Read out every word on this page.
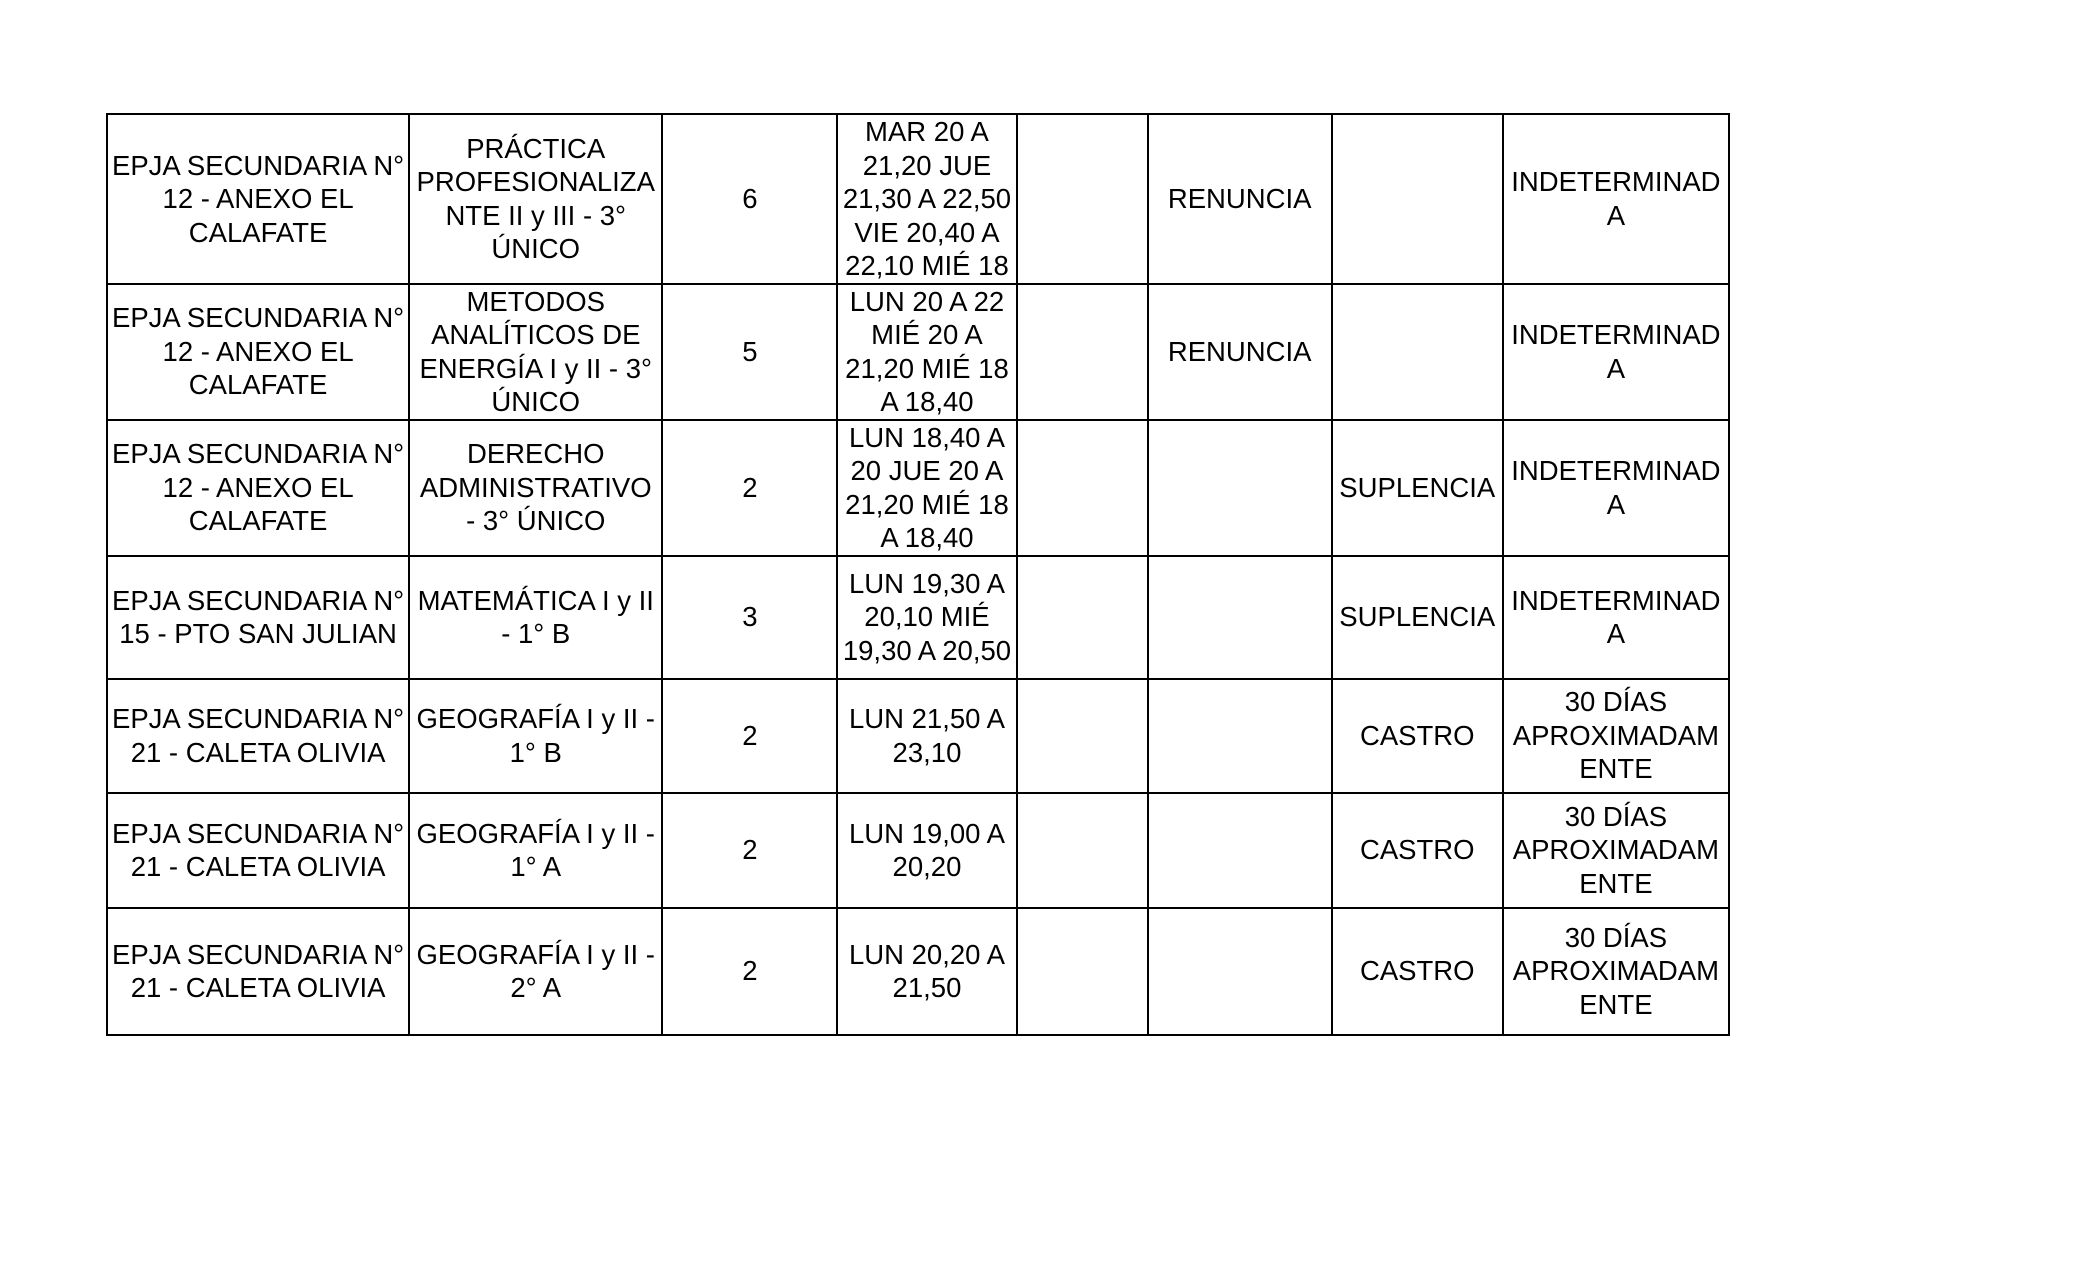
EPJA SECUNDARIA N° 12 - ANEXO EL CALAFATE	PRÁCTICA PROFESIONALIZANTE II y III - 3° ÚNICO	6	MAR 20 A 21,20 JUE 21,30 A 22,50 VIE 20,40 A 22,10 MIÉ 18		RENUNCIA		INDETERMINADA
EPJA SECUNDARIA N° 12 - ANEXO EL CALAFATE	METODOS ANALÍTICOS DE ENERGÍA I y II - 3° ÚNICO	5	LUN 20 A 22 MIÉ 20 A 21,20 MIÉ 18 A 18,40		RENUNCIA		INDETERMINADA
EPJA SECUNDARIA N° 12 - ANEXO EL CALAFATE	DERECHO ADMINISTRATIVO - 3° ÚNICO	2	LUN 18,40 A 20 JUE 20 A 21,20 MIÉ 18 A 18,40			SUPLENCIA	INDETERMINADA
EPJA SECUNDARIA N° 15 - PTO SAN JULIAN	MATEMÁTICA I y II - 1° B	3	LUN 19,30 A 20,10 MIÉ 19,30 A 20,50			SUPLENCIA	INDETERMINADA
EPJA SECUNDARIA N° 21 - CALETA OLIVIA	GEOGRAFÍA I y II - 1° B	2	LUN 21,50 A 23,10			CASTRO	30 DÍAS APROXIMADAMENTE
EPJA SECUNDARIA N° 21 - CALETA OLIVIA	GEOGRAFÍA I y II - 1° A	2	LUN 19,00 A 20,20			CASTRO	30 DÍAS APROXIMADAMENTE
EPJA SECUNDARIA N° 21 - CALETA OLIVIA	GEOGRAFÍA I y II - 2° A	2	LUN 20,20 A 21,50			CASTRO	30 DÍAS APROXIMADAMENTE
